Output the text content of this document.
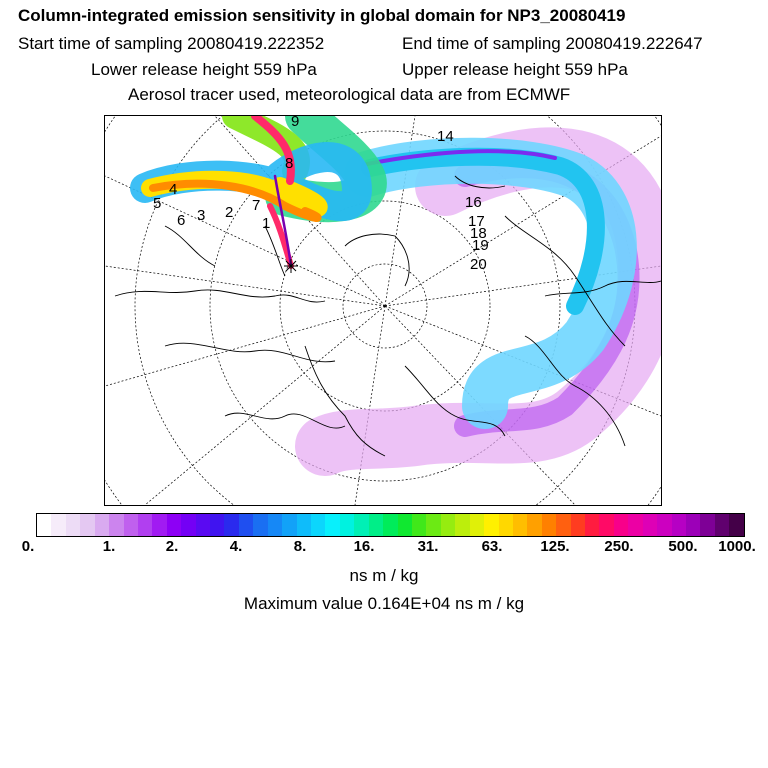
Column-integrated emission sensitivity in global domain for NP3_20080419
Start time of sampling 20080419.222352	End time of sampling 20080419.222647
Lower release height 559 hPa	Upper release height 559 hPa
Aerosol tracer used, meteorological data are from ECMWF
1
2
3
4
5
6
7
8
9
14
16
17
18
19
20
0.	1.	2.	4.	8.	16.	31.	63.	125. 250. 500. 1000.
ns m / kg
Maximum value 0.164E+04 ns m / kg
